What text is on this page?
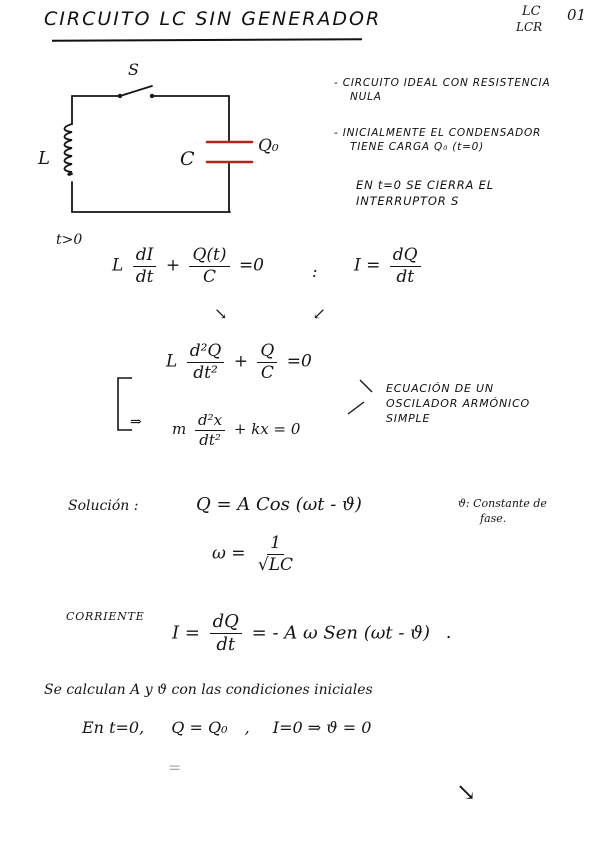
CIRCUITO LC SIN GENERADOR	LC
LCR
01
S
L	C
Q₀
- CIRCUITO IDEAL CON RESISTENCIA
NULA
- INICIALMENTE EL CONDENSADOR
TIENE CARGA Q₀ (t=0)
EN t=0 SE CIERRA EL
INTERRUPTOR S
t>0
L $\frac{dI}{dt} + \frac{Q(t)}{C} =0$	: $I = \frac{dQ}{dt}$
↘ ↙
L $\frac{\text{d²Q}}{\text{dt²}} + \frac{Q}{C} =0$
m $\frac{\text{d²x}}{\text{dt²}}$ + kx = 0
⇒
ECUACIÓN DE UN
OSCILADOR ARMÓNICO
SIMPLE
Solución :	Q = A Cos (ωt - ϑ)	ϑ: Constante de
fase.
$\omega = \frac{1}{√LC}$
CORRIENTE
$I = \frac{dQ}{dt}$ = - A ω Sen (ωt - ϑ) .
Se calculan A y ϑ con las condiciones iniciales
En t=0, Q = Q₀ , I=0 ⇒ ϑ = 0
=
↘
